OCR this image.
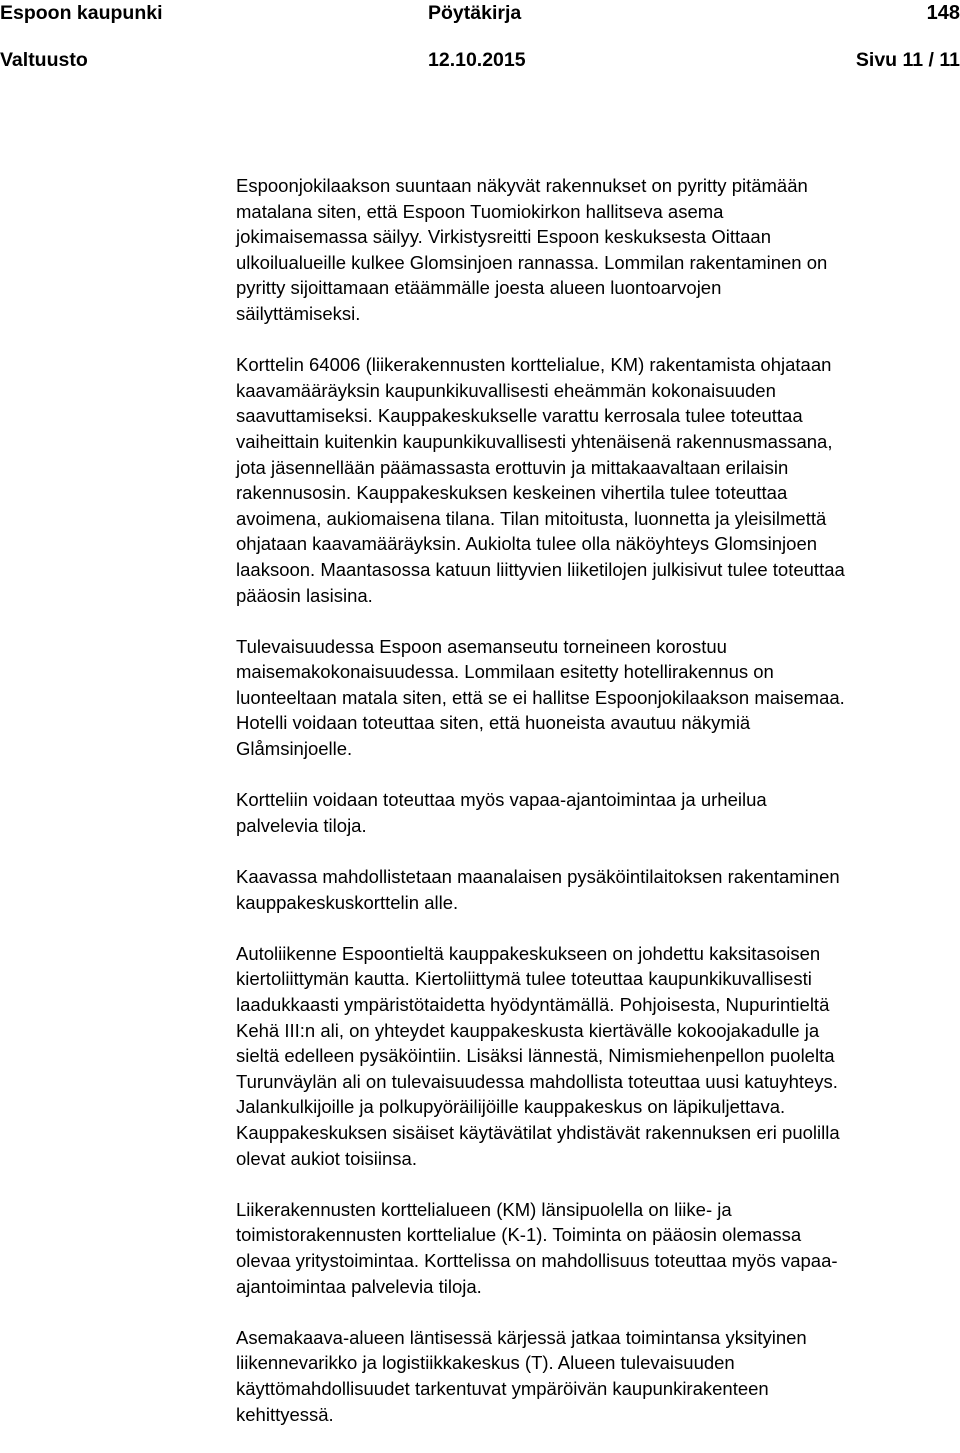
Espoon kaupunki	Pöytäkirja	148
Valtuusto	12.10.2015	Sivu 11 / 11
Espoonjokilaakson suuntaan näkyvät rakennukset on pyritty pitämään
matalana siten, että Espoon Tuomiokirkon hallitseva asema
jokimaisemassa säilyy. Virkistysreitti Espoon keskuksesta Oittaan
ulkoilualueille kulkee Glomsinjoen rannassa. Lommilan rakentaminen on
pyritty sijoittamaan etäämmälle joesta alueen luontoarvojen
säilyttämiseksi.
Korttelin 64006 (liikerakennusten korttelialue, KM) rakentamista ohjataan
kaavamääräyksin kaupunkikuvallisesti eheämmän kokonaisuuden
saavuttamiseksi. Kauppakeskukselle varattu kerrosala tulee toteuttaa
vaiheittain kuitenkin kaupunkikuvallisesti yhtenäisenä rakennusmassana,
jota jäsennellään päämassasta erottuvin ja mittakaavaltaan erilaisin
rakennusosin. Kauppakeskuksen keskeinen vihertila tulee toteuttaa
avoimena, aukiomaisena tilana. Tilan mitoitusta, luonnetta ja yleisilmettä
ohjataan kaavamääräyksin. Aukiolta tulee olla näköyhteys Glomsinjoen
laaksoon. Maantasossa katuun liittyvien liiketilojen julkisivut tulee toteuttaa
pääosin lasisina.
Tulevaisuudessa Espoon asemanseutu torneineen korostuu
maisemakokonaisuudessa. Lommilaan esitetty hotellirakennus on
luonteeltaan matala siten, että se ei hallitse Espoonjokilaakson maisemaa.
Hotelli voidaan toteuttaa siten, että huoneista avautuu näkymiä
Glåmsinjoelle.
Kortteliin voidaan toteuttaa myös vapaa-ajantoimintaa ja urheilua
palvelevia tiloja.
Kaavassa mahdollistetaan maanalaisen pysäköintilaitoksen rakentaminen
kauppakeskuskorttelin alle.
Autoliikenne Espoontieltä kauppakeskukseen on johdettu kaksitasoisen
kiertoliittymän kautta. Kiertoliittymä tulee toteuttaa kaupunkikuvallisesti
laadukkaasti ympäristötaidetta hyödyntämällä. Pohjoisesta, Nupurintieltä
Kehä III:n ali, on yhteydet kauppakeskusta kiertävälle kokoojakadulle ja
sieltä edelleen pysäköintiin. Lisäksi lännestä, Nimismiehenpellon puolelta
Turunväylän ali on tulevaisuudessa mahdollista toteuttaa uusi katuyhteys.
Jalankulkijoille ja polkupyöräilijöille kauppakeskus on läpikuljettava.
Kauppakeskuksen sisäiset käytävätilat yhdistävät rakennuksen eri puolilla
olevat aukiot toisiinsa.
Liikerakennusten korttelialueen (KM) länsipuolella on liike- ja
toimistorakennusten korttelialue (K-1). Toiminta on pääosin olemassa
olevaa yritystoimintaa. Korttelissa on mahdollisuus toteuttaa myös vapaa-
ajantoimintaa palvelevia tiloja.
Asemakaava-alueen läntisessä kärjessä jatkaa toimintansa yksityinen
liikennevarikko ja logistiikkakeskus (T). Alueen tulevaisuuden
käyttömahdollisuudet tarkentuvat ympäröivän kaupunkirakenteen
kehittyessä.
